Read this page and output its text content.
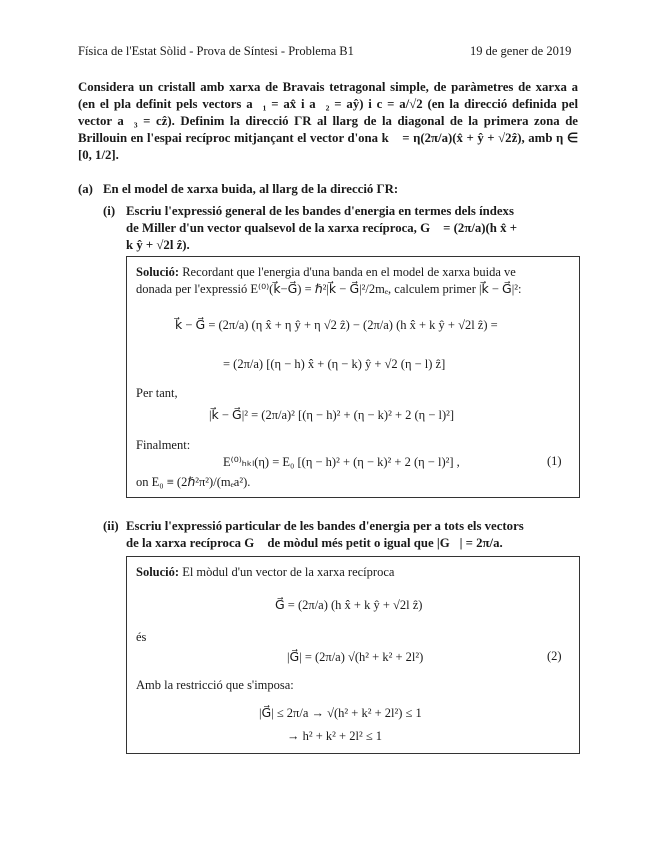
Física de l'Estat Sòlid - Prova de Síntesi - Problema B1	19 de gener de 2019
Considera un cristall amb xarxa de Bravais tetragonal simple, de paràmetres de xarxa a (en el pla definit pels vectors a⃗₁ = ax̂ i a⃗₂ = aŷ) i c = a/√2 (en la direcció definida pel vector a⃗₃ = cẑ). Definim la direcció ΓR al llarg de la diagonal de la primera zona de Brillouin en l'espai recíproc mitjançant el vector d'ona k⃗ = η(2π/a)(x̂ + ŷ + √2ẑ), amb η ∈ [0, 1/2].
(a) En el model de xarxa buida, al llarg de la direcció ΓR:
(i) Escriu l'expressió general de les bandes d'energia en termes dels índexs
de Miller d'un vector qualsevol de la xarxa recíproca, G⃗ = (2π/a)(h x̂ +
k ŷ + √2l ẑ).
Solució: Recordant que l'energia d'una banda en el model de xarxa buida ve
donada per l'expressió E⁽⁰⁾(k⃗−G⃗) = ℏ²|k⃗ − G⃗|²/2mₑ, calculem primer |k⃗ − G⃗|²:
k⃗ − G⃗ = (2π/a) (η x̂ + η ŷ + η √2 ẑ) − (2π/a) (h x̂ + k ŷ + √2l ẑ) =
= (2π/a) [(η − h) x̂ + (η − k) ŷ + √2 (η − l) ẑ]
Per tant,
|k⃗ − G⃗|² = (2π/a)² [(η − h)² + (η − k)² + 2 (η − l)²]
Finalment:
E⁽⁰⁾ₕₖₗ(η) = E₀ [(η − h)² + (η − k)² + 2 (η − l)²] ,	(1)
on E₀ ≡ (2ℏ²π²)/(mₑa²).
(ii) Escriu l'expressió particular de les bandes d'energia per a tots els vectors
de la xarxa recíproca G⃗ de mòdul més petit o igual que |G⃗| = 2π/a.
Solució: El mòdul d'un vector de la xarxa recíproca
G⃗ = (2π/a) (h x̂ + k ŷ + √2l ẑ)
és
|G⃗| = (2π/a) √(h² + k² + 2l²)	(2)
Amb la restricció que s'imposa:
|G⃗| ≤ 2π/a → √(h² + k² + 2l²) ≤ 1
→ h² + k² + 2l² ≤ 1
